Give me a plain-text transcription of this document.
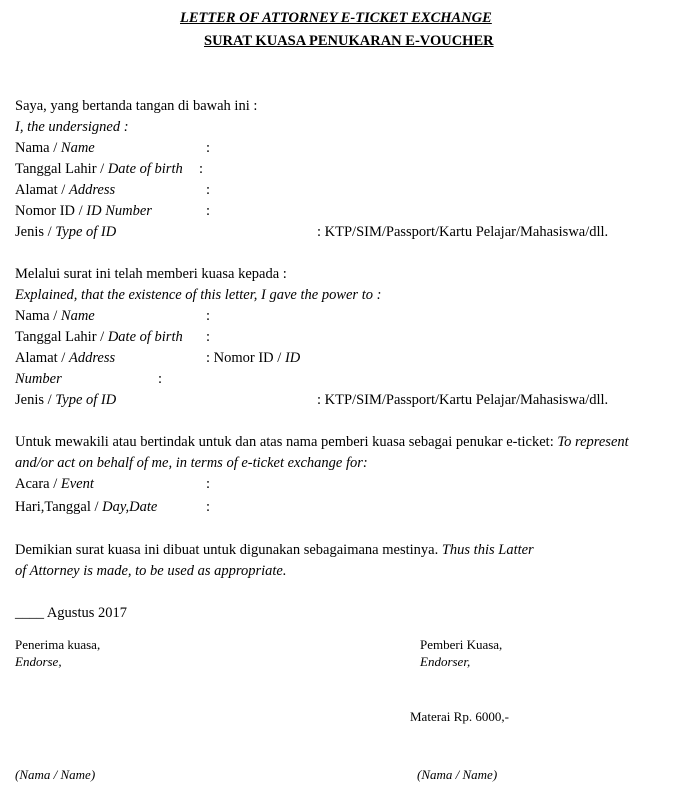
LETTER OF ATTORNEY E-TICKET EXCHANGE
SURAT KUASA PENUKARAN E-VOUCHER
Saya, yang bertanda tangan di bawah ini :
I, the undersigned :
Nama / Name	:
Tanggal Lahir / Date of birth :
Alamat / Address	:
Nomor ID / ID Number	:
Jenis / Type of ID	: KTP/SIM/Passport/Kartu Pelajar/Mahasiswa/dll.
Melalui surat ini telah memberi kuasa kepada :
Explained, that the existence of this letter, I gave the power to :
Nama / Name	:
Tanggal Lahir / Date of birth :
Alamat / Address	: Nomor ID / ID
Number	:
Jenis / Type of ID	: KTP/SIM/Passport/Kartu Pelajar/Mahasiswa/dll.
Untuk mewakili atau bertindak untuk dan atas nama pemberi kuasa sebagai penukar e-ticket: To represent
and/or act on behalf of me, in terms of e-ticket exchange for:
Acara / Event	:
Hari,Tanggal / Day,Date	:
Demikian surat kuasa ini dibuat untuk digunakan sebagaimana mestinya. Thus this Latter
of Attorney is made, to be used as appropriate.
____ Agustus 2017
Penerima kuasa,
Endorse,
Pemberi Kuasa,
Endorser,
Materai Rp. 6000,-
(Nama / Name)	(Nama / Name)
